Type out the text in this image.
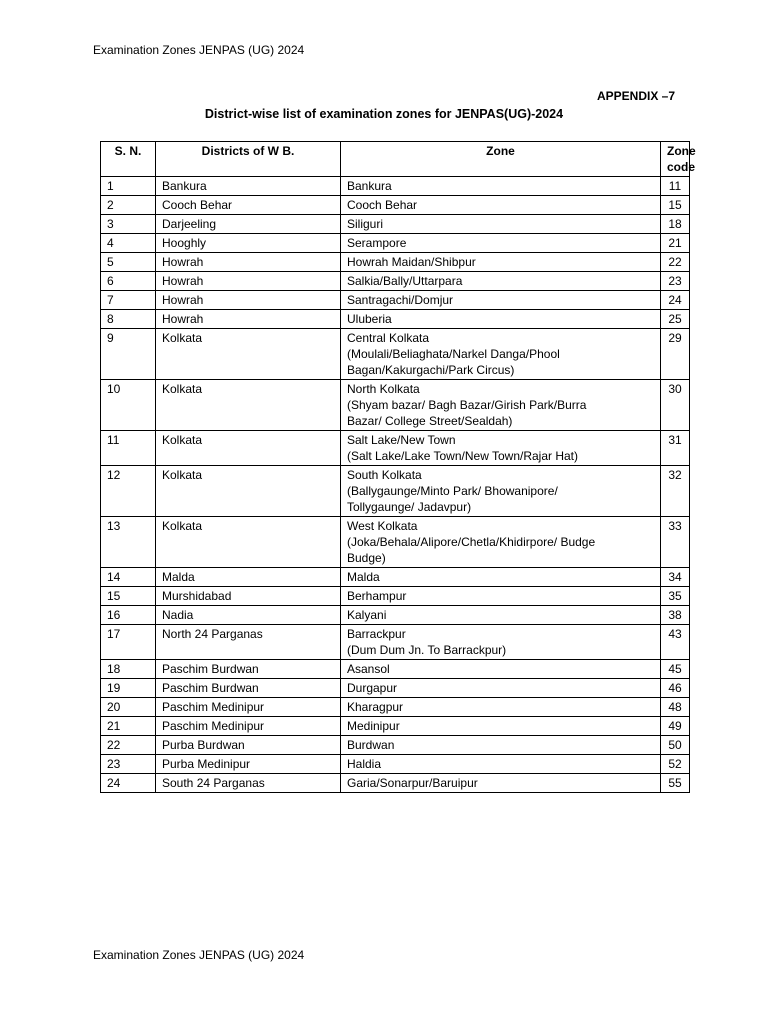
Examination Zones JENPAS (UG) 2024
APPENDIX –7
District-wise list of examination zones for JENPAS(UG)-2024
S. N.	Districts of W B.	Zone	Zone
code

1	Bankura	Bankura	11
2	Cooch Behar	Cooch Behar	15
3	Darjeeling	Siliguri	18
4	Hooghly	Serampore	21
5	Howrah	Howrah Maidan/Shibpur	22
6	Howrah	Salkia/Bally/Uttarpara	23
7	Howrah	Santragachi/Domjur	24
8	Howrah	Uluberia	25
9	Kolkata	Central Kolkata
(Moulali/Beliaghata/Narkel Danga/Phool
Bagan/Kakurgachi/Park Circus)	29
10	Kolkata	North Kolkata
(Shyam bazar/ Bagh Bazar/Girish Park/Burra
Bazar/ College Street/Sealdah)	30
11	Kolkata	Salt Lake/New Town
(Salt Lake/Lake Town/New Town/Rajar Hat)	31
12	Kolkata	South Kolkata
(Ballygaunge/Minto Park/ Bhowanipore/
Tollygaunge/ Jadavpur)	32
13	Kolkata	West Kolkata
(Joka/Behala/Alipore/Chetla/Khidirpore/ Budge
Budge)	33
14	Malda	Malda	34
15	Murshidabad	Berhampur	35
16	Nadia	Kalyani	38
17	North 24 Parganas	Barrackpur
(Dum Dum Jn. To Barrackpur)	43
18	Paschim Burdwan	Asansol	45
19	Paschim Burdwan	Durgapur	46
20	Paschim Medinipur	Kharagpur	48
21	Paschim Medinipur	Medinipur	49
22	Purba Burdwan	Burdwan	50
23	Purba Medinipur	Haldia	52
24	South 24 Parganas	Garia/Sonarpur/Baruipur	55
Examination Zones JENPAS (UG) 2024
